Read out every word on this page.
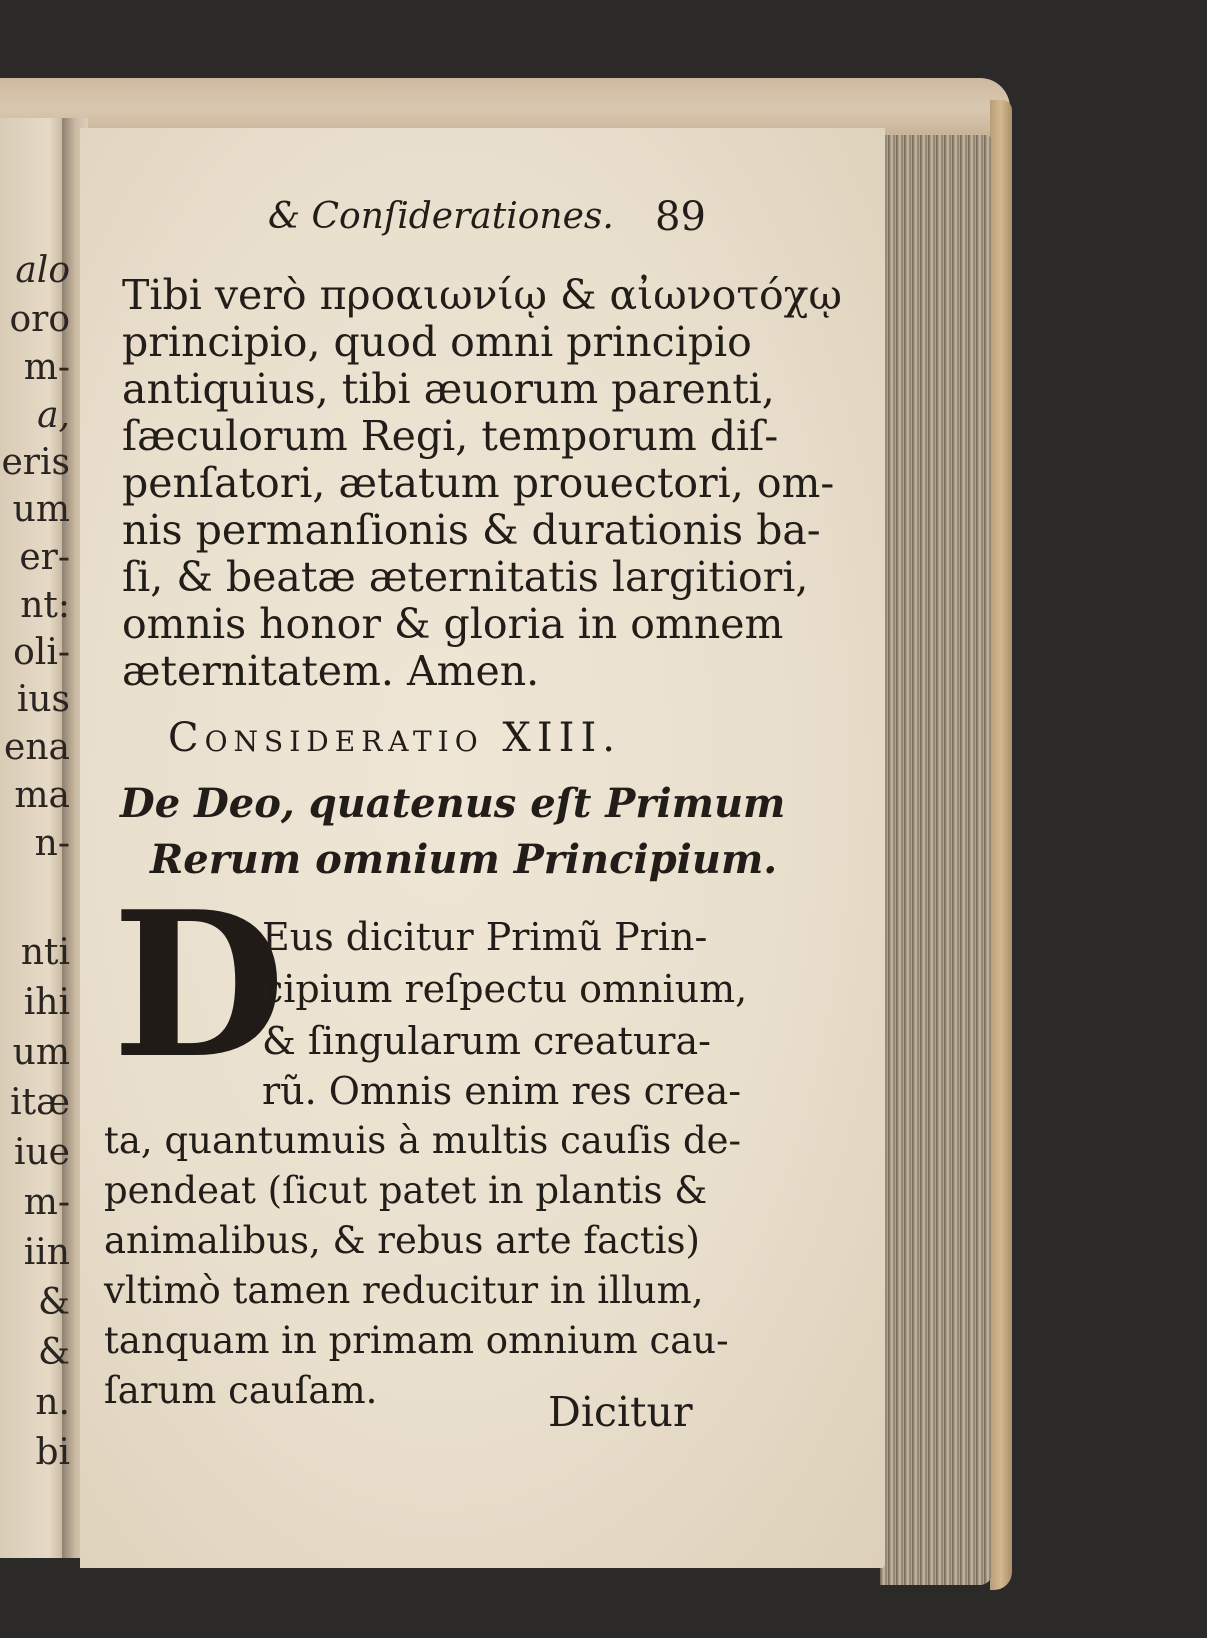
alo
oro
m-
a,
eris
um
er-
nt:
oli-
ius
ena
ma
n-
nti
ihi
um
itæ
iue
m-
iin
&
&
n.
bi
& Conſiderationes. 89
Tibi verò προαιωνίῳ & αἰωνοτόχῳ
principio, quod omni principio
antiquius, tibi æuorum parenti,
ſæculorum Regi, temporum diſ-
penſatori, ætatum prouectori, om-
nis permanſionis & durationis ba-
ſi, & beatæ æternitatis largitiori,
omnis honor & gloria in omnem
æternitatem. Amen.
Consideratio XIII.
De Deo, quatenus eſt Primum
Rerum omnium Principium.
D
Eus dicitur Primũ Prin-
cipium reſpectu omnium,
& ſingularum creatura-
rũ. Omnis enim res crea-
ta, quantumuis à multis cauſis de-
pendeat (ſicut patet in plantis &
animalibus, & rebus arte factis)
vltimò tamen reducitur in illum,
tanquam in primam omnium cau-
ſarum cauſam.	Dicitur
